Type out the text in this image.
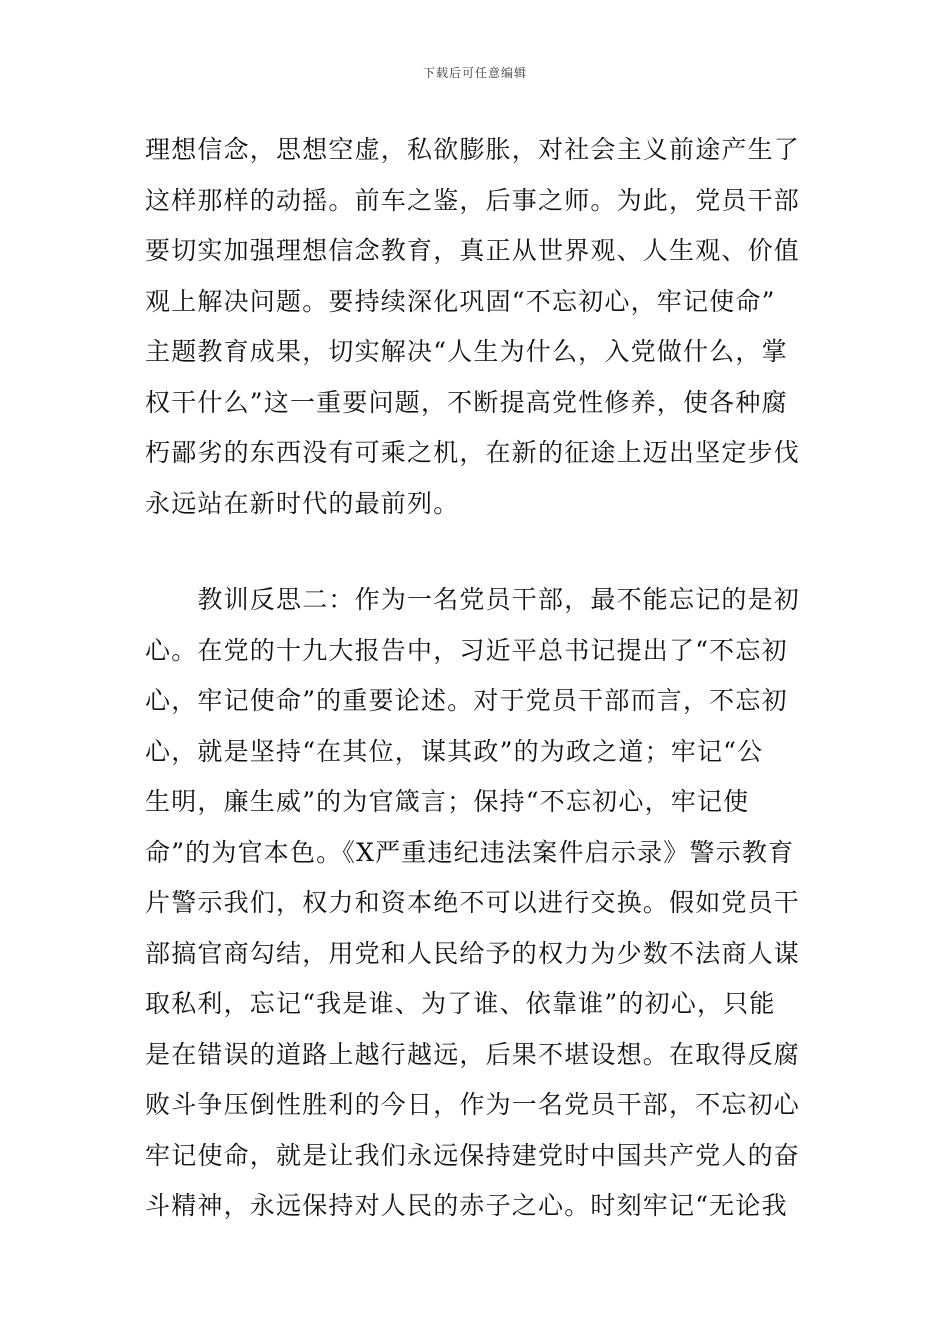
下载后可任意编辑
理想信念，思想空虚，私欲膨胀，对社会主义前途产生了
这样那样的动摇。前车之鉴，后事之师。为此，党员干部
要切实加强理想信念教育，真正从世界观、人生观、价值
观上解决问题。要持续深化巩固“不忘初心，牢记使命”
主题教育成果，切实解决“人生为什么，入党做什么，掌
权干什么”这一重要问题，不断提高党性修养，使各种腐
朽鄙劣的东西没有可乘之机，在新的征途上迈出坚定步伐
永远站在新时代的最前列。
　　教训反思二：作为一名党员干部，最不能忘记的是初
心。在党的十九大报告中，习近平总书记提出了“不忘初
心，牢记使命”的重要论述。对于党员干部而言，不忘初
心，就是坚持“在其位，谋其政”的为政之道；牢记“公
生明，廉生威”的为官箴言；保持“不忘初心，牢记使
命”的为官本色。《X严重违纪违法案件启示录》警示教育
片警示我们，权力和资本绝不可以进行交换。假如党员干
部搞官商勾结，用党和人民给予的权力为少数不法商人谋
取私利，忘记“我是谁、为了谁、依靠谁”的初心，只能
是在错误的道路上越行越远，后果不堪设想。在取得反腐
败斗争压倒性胜利的今日，作为一名党员干部，不忘初心
牢记使命，就是让我们永远保持建党时中国共产党人的奋
斗精神，永远保持对人民的赤子之心。时刻牢记“无论我
